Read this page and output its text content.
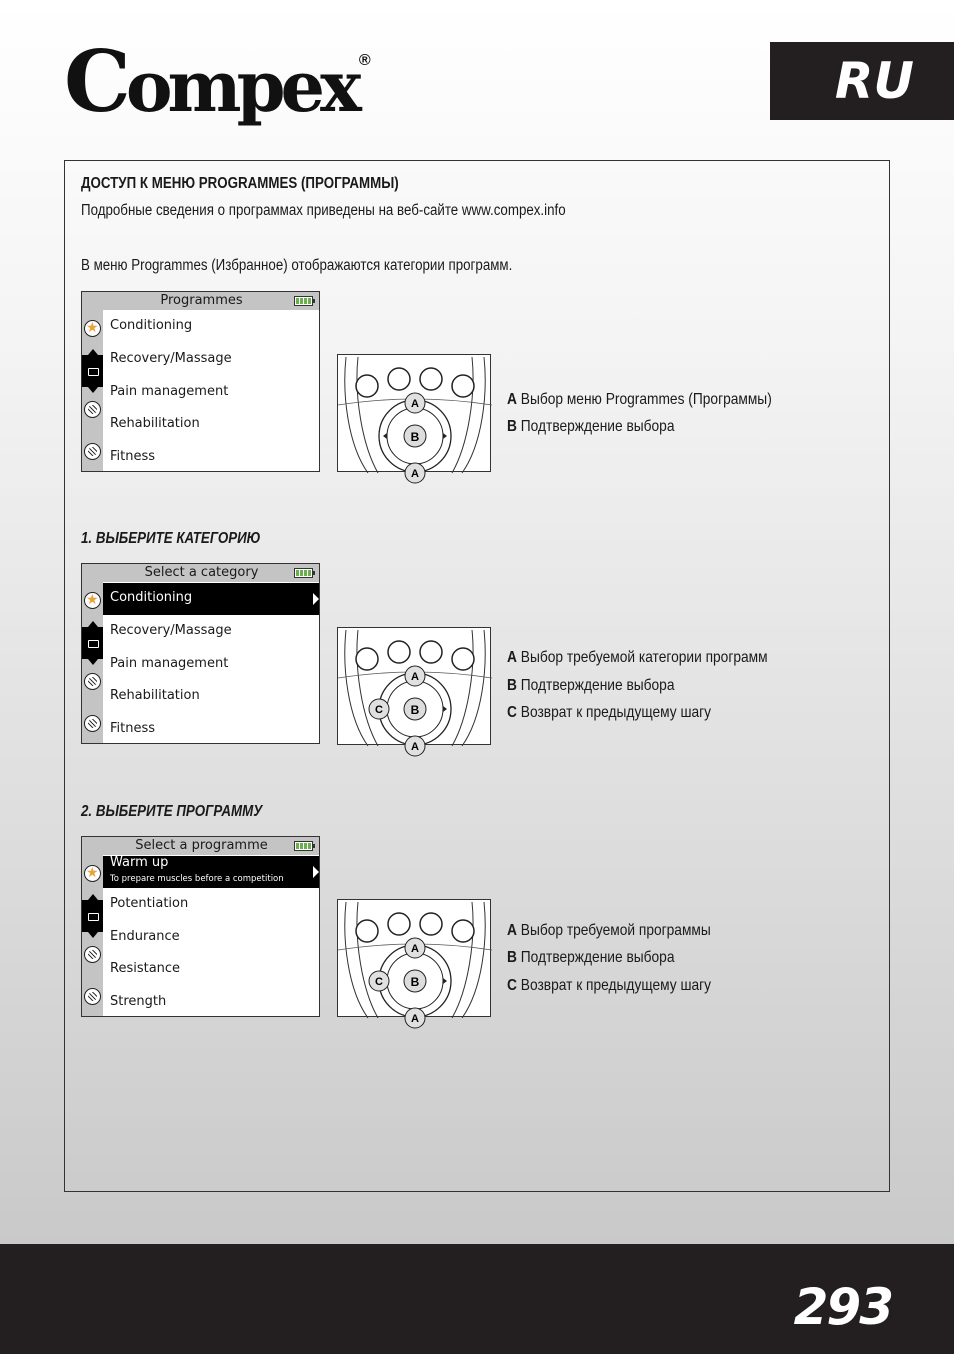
Compex ®	RU
ДОСТУП К МЕНЮ PROGRAMMES (ПРОГРАММЫ)
Подробные сведения о программах приведены на веб-сайте www.compex.info
В меню Programmes (Избранное) отображаются категории программ.
Programmes
★
Conditioning
Recovery/Massage
Pain management
Rehabilitation
Fitness
B
A
A
A Выбор меню Programmes (Программы)
B Подтверждение выбора
1. ВЫБЕРИТЕ КАТЕГОРИЮ
Select a category
★
Conditioning
Recovery/Massage
Pain management
Rehabilitation
Fitness
B
C
A
A
A Выбор требуемой категории программ
B Подтверждение выбора
C Возврат к предыдущему шагу
2. ВЫБЕРИТЕ ПРОГРАММУ
Select a programme
★
Warm up
To prepare muscles before a competition
Potentiation
Endurance
Resistance
Strength
B
C
A
A
A Выбор требуемой программы
B Подтверждение выбора
C Возврат к предыдущему шагу
293
